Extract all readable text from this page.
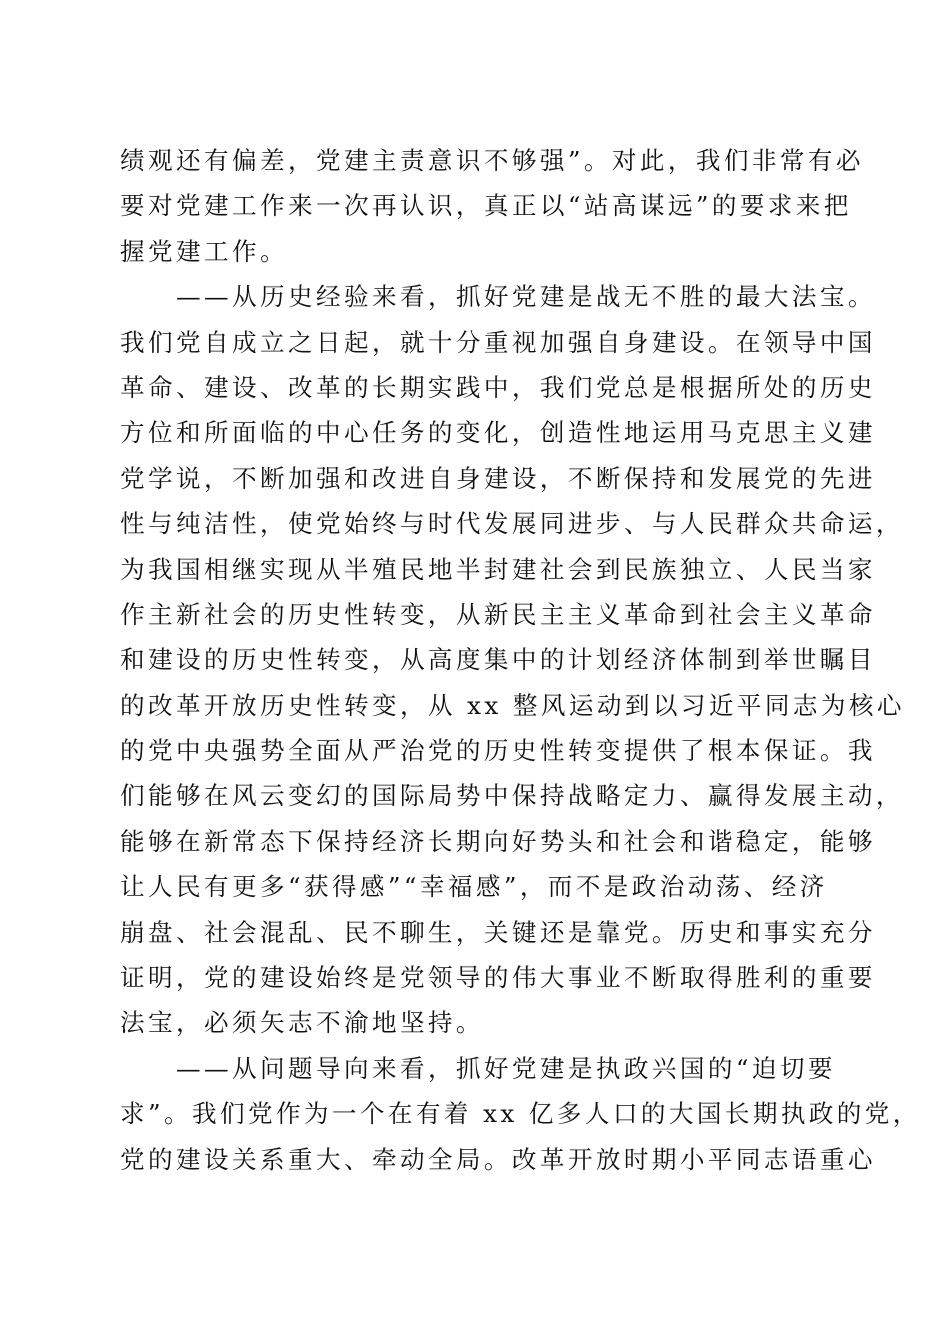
绩观还有偏差，党建主责意识不够强”。对此，我们非常有必
要对党建工作来一次再认识，真正以“站高谋远”的要求来把
握党建工作。
——从历史经验来看，抓好党建是战无不胜的最大法宝。
我们党自成立之日起，就十分重视加强自身建设。在领导中国
革命、建设、改革的长期实践中，我们党总是根据所处的历史
方位和所面临的中心任务的变化，创造性地运用马克思主义建
党学说，不断加强和改进自身建设，不断保持和发展党的先进
性与纯洁性，使党始终与时代发展同进步、与人民群众共命运，
为我国相继实现从半殖民地半封建社会到民族独立、人民当家
作主新社会的历史性转变，从新民主主义革命到社会主义革命
和建设的历史性转变，从高度集中的计划经济体制到举世瞩目
的改革开放历史性转变，从 xx 整风运动到以习近平同志为核心
的党中央强势全面从严治党的历史性转变提供了根本保证。我
们能够在风云变幻的国际局势中保持战略定力、赢得发展主动，
能够在新常态下保持经济长期向好势头和社会和谐稳定，能够
让人民有更多“获得感”“幸福感”，而不是政治动荡、经济
崩盘、社会混乱、民不聊生，关键还是靠党。历史和事实充分
证明，党的建设始终是党领导的伟大事业不断取得胜利的重要
法宝，必须矢志不渝地坚持。
——从问题导向来看，抓好党建是执政兴国的“迫切要
求”。我们党作为一个在有着 xx 亿多人口的大国长期执政的党，
党的建设关系重大、牵动全局。改革开放时期小平同志语重心
